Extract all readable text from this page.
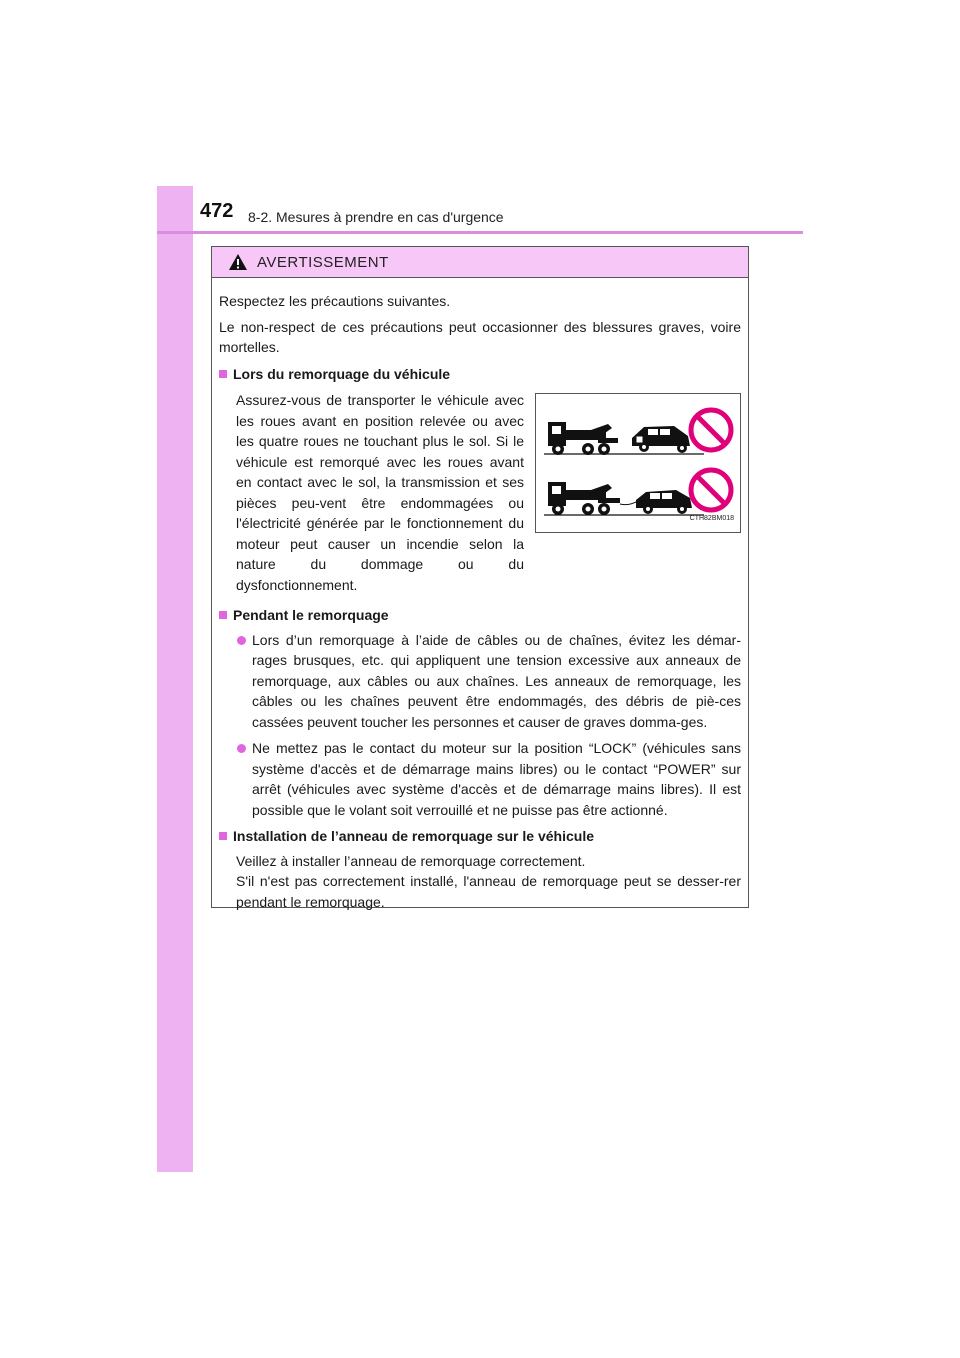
472 8-2. Mesures à prendre en cas d'urgence
AVERTISSEMENT

Respectez les précautions suivantes.

Le non-respect de ces précautions peut occasionner des blessures graves, voire mortelles.

Lors du remorquage du véhicule

Assurez-vous de transporter le véhicule avec les roues avant en position relevée ou avec les quatre roues ne touchant plus le sol. Si le véhicule est remorqué avec les roues avant en contact avec le sol, la transmission et ses pièces peu-vent être endommagées ou l'électricité générée par le fonctionnement du moteur peut causer un incendie selon la nature du dommage ou du dysfonctionnement.

CTH82BM018
Pendant le remorquage

Lors d’un remorquage à l’aide de câbles ou de chaînes, évitez les démar-rages brusques, etc. qui appliquent une tension excessive aux anneaux de remorquage, aux câbles ou aux chaînes. Les anneaux de remorquage, les câbles ou les chaînes peuvent être endommagés, des débris de piè-ces cassées peuvent toucher les personnes et causer de graves domma-ges.

Ne mettez pas le contact du moteur sur la position “LOCK” (véhicules sans système d'accès et de démarrage mains libres) ou le contact “POWER” sur arrêt (véhicules avec système d'accès et de démarrage mains libres). Il est possible que le volant soit verrouillé et ne puisse pas être actionné.

Installation de l’anneau de remorquage sur le véhicule

Veillez à installer l’anneau de remorquage correctement.

S'il n'est pas correctement installé, l'anneau de remorquage peut se desser-rer pendant le remorquage.
